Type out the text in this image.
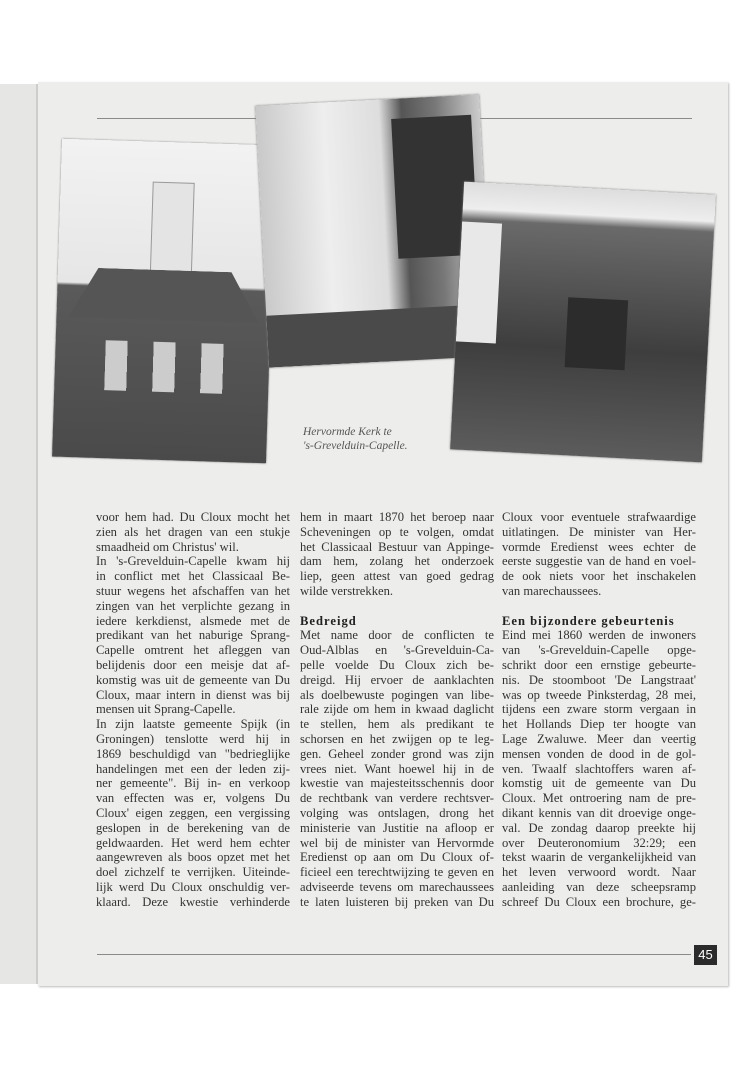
Hervormde Kerk te
's-Grevelduin-Capelle.
voor hem had. Du Cloux mocht het
zien als het dragen van een stukje
smaadheid om Christus' wil.
In 's-Grevelduin-Capelle kwam hij
in conflict met het Classicaal Be-
stuur wegens het afschaffen van het
zingen van het verplichte gezang in
iedere kerkdienst, alsmede met de
predikant van het naburige Sprang-
Capelle omtrent het afleggen van
belijdenis door een meisje dat af-
komstig was uit de gemeente van Du
Cloux, maar intern in dienst was bij
mensen uit Sprang-Capelle.
In zijn laatste gemeente Spijk (in
Groningen) tenslotte werd hij in
1869 beschuldigd van "bedrieglijke
handelingen met een der leden zij-
ner gemeente". Bij in- en verkoop
van effecten was er, volgens Du
Cloux' eigen zeggen, een vergissing
geslopen in de berekening van de
geldwaarden. Het werd hem echter
aangewreven als boos opzet met het
doel zichzelf te verrijken. Uiteinde-
lijk werd Du Cloux onschuldig ver-
klaard. Deze kwestie verhinderde
hem in maart 1870 het beroep naar
Scheveningen op te volgen, omdat
het Classicaal Bestuur van Appinge-
dam hem, zolang het onderzoek
liep, geen attest van goed gedrag
wilde verstrekken.
Bedreigd
Met name door de conflicten te
Oud-Alblas en 's-Grevelduin-Ca-
pelle voelde Du Cloux zich be-
dreigd. Hij ervoer de aanklachten
als doelbewuste pogingen van libe-
rale zijde om hem in kwaad daglicht
te stellen, hem als predikant te
schorsen en het zwijgen op te leg-
gen. Geheel zonder grond was zijn
vrees niet. Want hoewel hij in de
kwestie van majesteitsschennis door
de rechtbank van verdere rechtsver-
volging was ontslagen, drong het
ministerie van Justitie na afloop er
wel bij de minister van Hervormde
Eredienst op aan om Du Cloux of-
ficieel een terechtwijzing te geven en
adviseerde tevens om marechaussees
te laten luisteren bij preken van Du
Cloux voor eventuele strafwaardige
uitlatingen. De minister van Her-
vormde Eredienst wees echter de
eerste suggestie van de hand en voel-
de ook niets voor het inschakelen
van marechaussees.
Een bijzondere gebeurtenis
Eind mei 1860 werden de inwoners
van 's-Grevelduin-Capelle opge-
schrikt door een ernstige gebeurte-
nis. De stoomboot 'De Langstraat'
was op tweede Pinksterdag, 28 mei,
tijdens een zware storm vergaan in
het Hollands Diep ter hoogte van
Lage Zwaluwe. Meer dan veertig
mensen vonden de dood in de gol-
ven. Twaalf slachtoffers waren af-
komstig uit de gemeente van Du
Cloux. Met ontroering nam de pre-
dikant kennis van dit droevige onge-
val. De zondag daarop preekte hij
over Deuteronomium 32:29; een
tekst waarin de vergankelijkheid van
het leven verwoord wordt. Naar
aanleiding van deze scheepsramp
schreef Du Cloux een brochure, ge-
45
